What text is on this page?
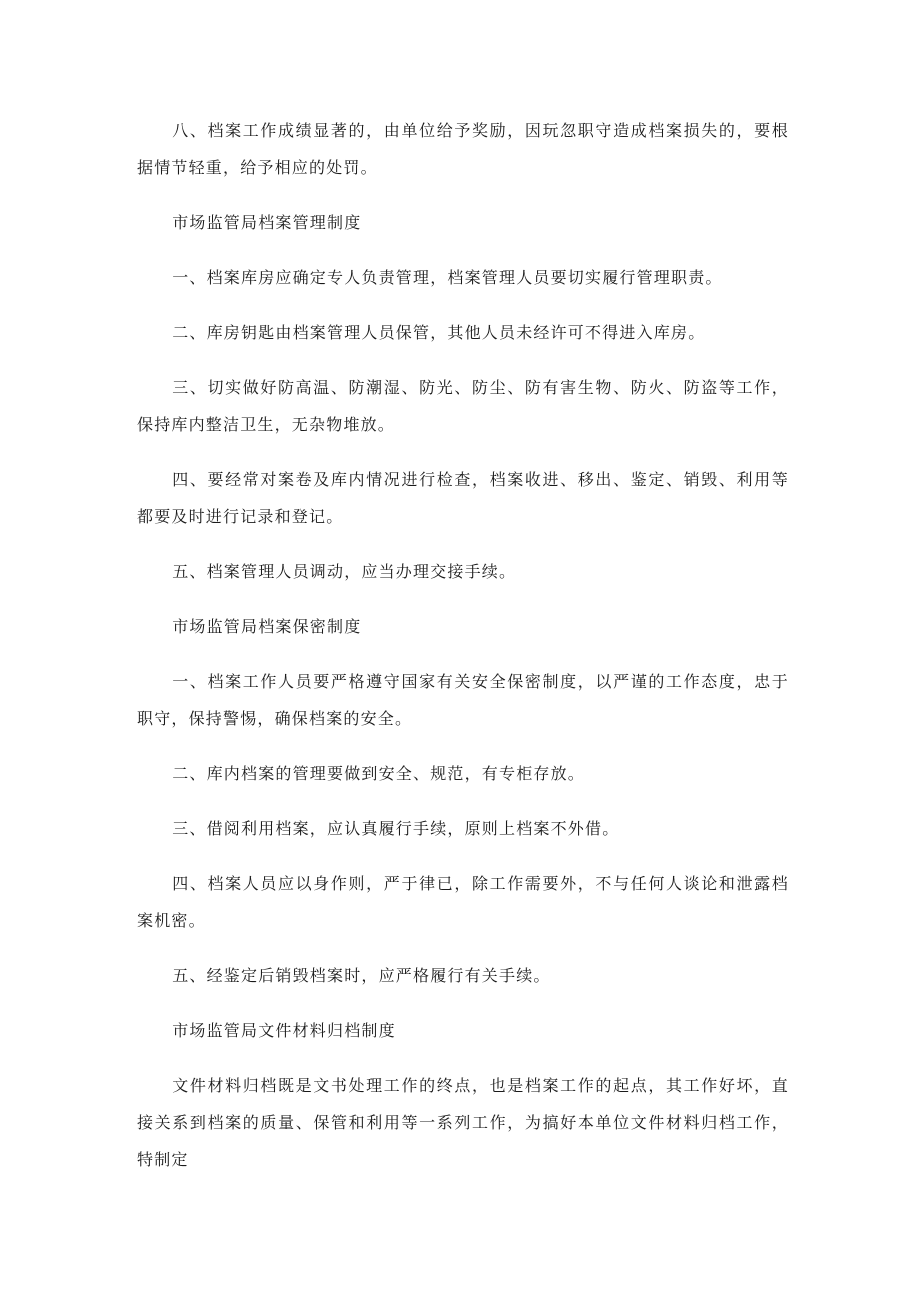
八、档案工作成绩显著的，由单位给予奖励，因玩忽职守造成档案损失的，要根据情节轻重，给予相应的处罚。

市场监管局档案管理制度

一、档案库房应确定专人负责管理，档案管理人员要切实履行管理职责。

二、库房钥匙由档案管理人员保管，其他人员未经许可不得进入库房。

三、切实做好防高温、防潮湿、防光、防尘、防有害生物、防火、防盗等工作，保持库内整洁卫生，无杂物堆放。

四、要经常对案卷及库内情况进行检查，档案收进、移出、鉴定、销毁、利用等都要及时进行记录和登记。

五、档案管理人员调动，应当办理交接手续。

市场监管局档案保密制度

一、档案工作人员要严格遵守国家有关安全保密制度，以严谨的工作态度，忠于职守，保持警惕，确保档案的安全。

二、库内档案的管理要做到安全、规范，有专柜存放。

三、借阅利用档案，应认真履行手续，原则上档案不外借。

四、档案人员应以身作则，严于律已，除工作需要外，不与任何人谈论和泄露档案机密。

五、经鉴定后销毁档案时，应严格履行有关手续。

市场监管局文件材料归档制度

文件材料归档既是文书处理工作的终点，也是档案工作的起点，其工作好坏，直接关系到档案的质量、保管和利用等一系列工作，为搞好本单位文件材料归档工作，特制定
